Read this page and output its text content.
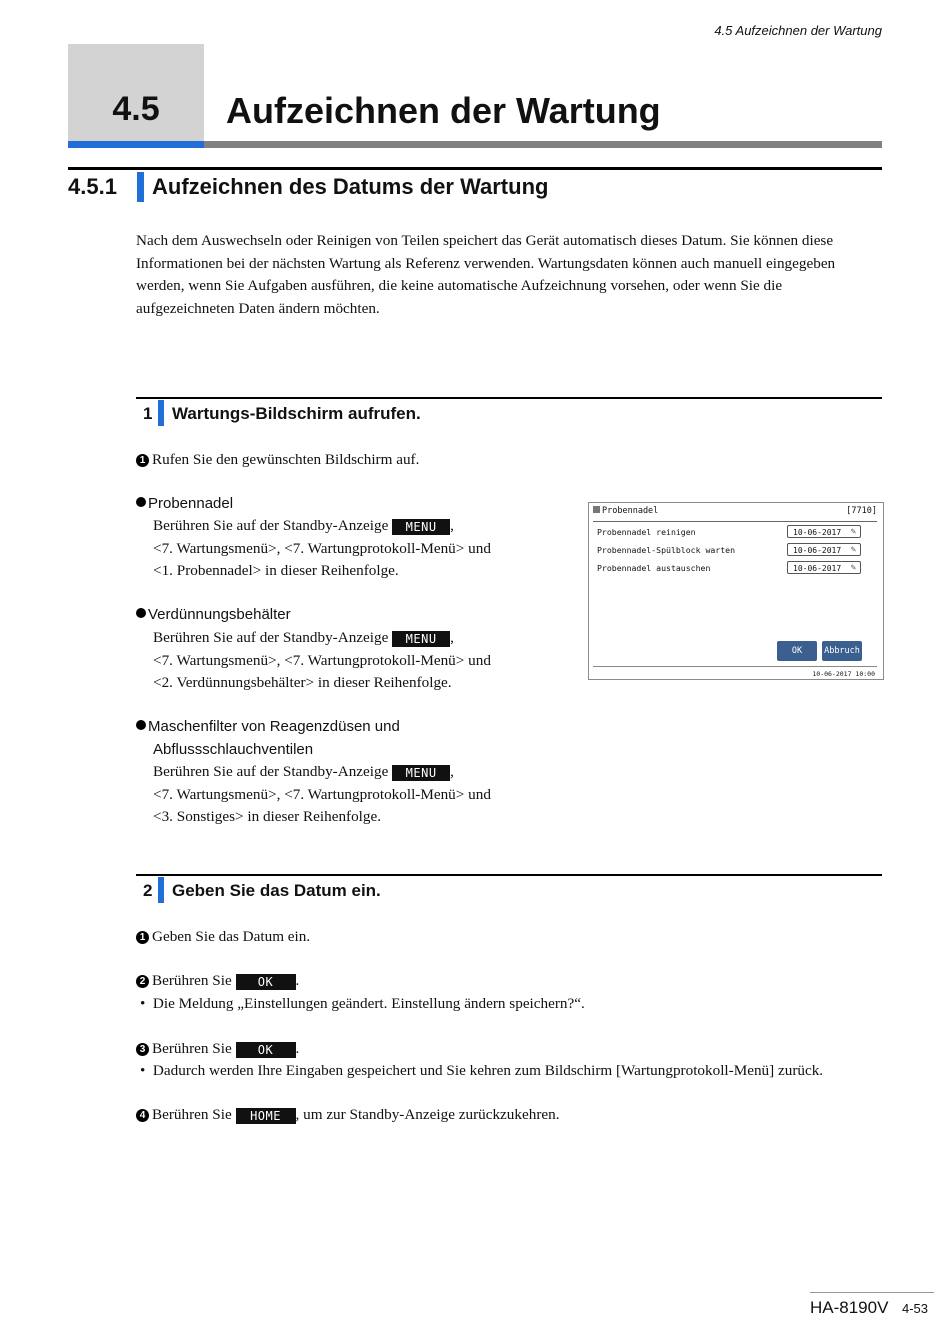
4.5 Aufzeichnen der Wartung
4.5	Aufzeichnen der Wartung
4.5.1 Aufzeichnen des Datums der Wartung
Nach dem Auswechseln oder Reinigen von Teilen speichert das Gerät automatisch dieses Datum. Sie können diese Informationen bei der nächsten Wartung als Referenz verwenden. Wartungsdaten können auch manuell eingegeben werden, wenn Sie Aufgaben ausführen, die keine automatische Aufzeichnung vorsehen, oder wenn Sie die aufgezeichneten Daten ändern möchten.
1 Wartungs-Bildschirm aufrufen.
1 Rufen Sie den gewünschten Bildschirm auf.
Probennadel
Berühren Sie auf der Standby-Anzeige MENU ,
<7. Wartungsmenü>, <7. Wartungprotokoll-Menü> und
<1. Probennadel> in dieser Reihenfolge.
Verdünnungsbehälter
Berühren Sie auf der Standby-Anzeige MENU ,
<7. Wartungsmenü>, <7. Wartungprotokoll-Menü> und
<2. Verdünnungsbehälter> in dieser Reihenfolge.
Maschenfilter von Reagenzdüsen und
Abflussschlauchventilen
Berühren Sie auf der Standby-Anzeige MENU ,
<7. Wartungsmenü>, <7. Wartungprotokoll-Menü> und
<3. Sonstiges> in dieser Reihenfolge.
Probennadel	[7710]
Probennadel reinigen	10-06-2017 ✎
Probennadel-Spülblock warten	10-06-2017 ✎
Probennadel austauschen	10-06-2017 ✎
OK	Abbruch
10-06-2017 10:00
2 Geben Sie das Datum ein.
1 Geben Sie das Datum ein.
2 Berühren Sie OK .
•  Die Meldung „Einstellungen geändert. Einstellung ändern speichern?“.
3 Berühren Sie OK .
•  Dadurch werden Ihre Eingaben gespeichert und Sie kehren zum Bildschirm [Wartungprotokoll-Menü] zurück.
4 Berühren Sie HOME , um zur Standby-Anzeige zurückzukehren.
HA-8190V 4-53
